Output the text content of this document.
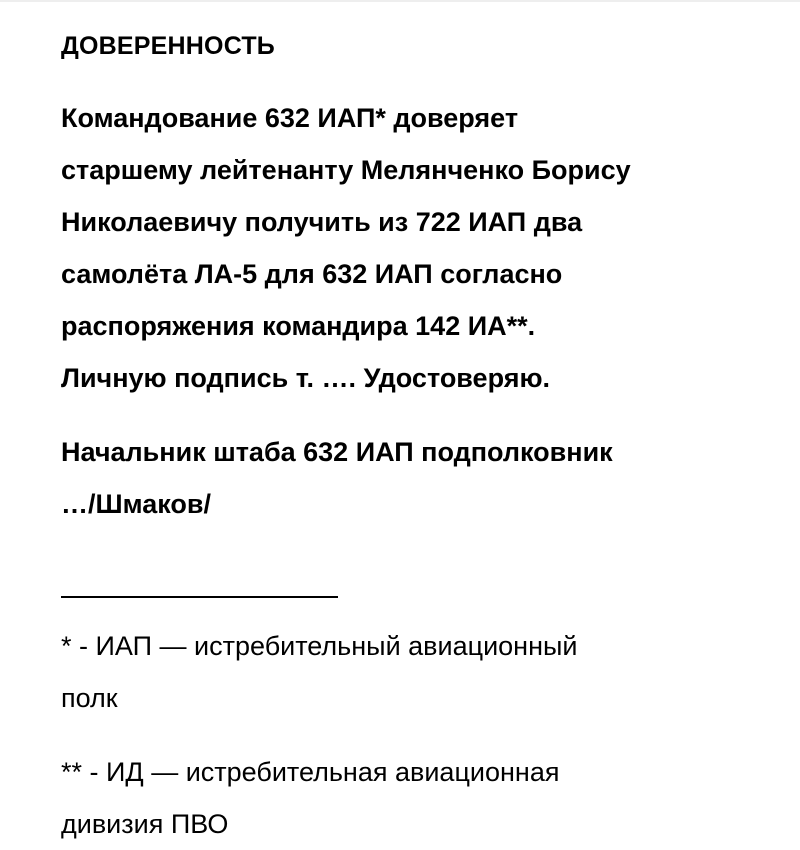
ДОВЕРЕННОСТЬ

Командование 632 ИАП* доверяет
старшему лейтенанту Мелянченко Борису
Николаевичу получить из 722 ИАП два
самолёта ЛА-5 для 632 ИАП согласно
распоряжения командира 142 ИА**.
Личную подпись т. …. Удостоверяю.

Начальник штаба 632 ИАП подполковник
…/Шмаков/

* - ИАП — истребительный авиационный
полк

** - ИД — истребительная авиационная
дивизия ПВО
